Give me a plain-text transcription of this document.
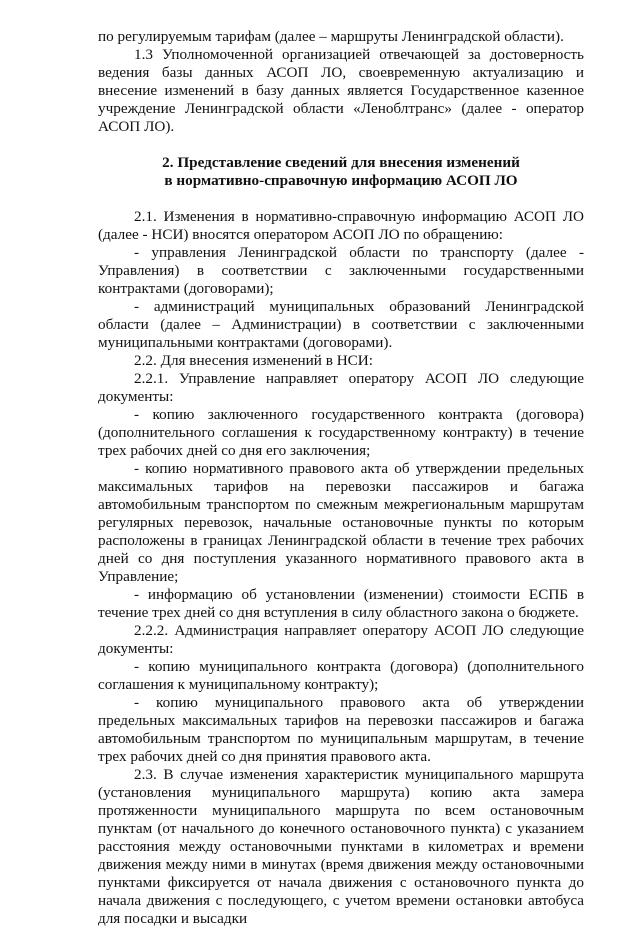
по регулируемым тарифам (далее – маршруты Ленинградской области).

1.3 Уполномоченной организацией отвечающей за достоверность ведения базы данных АСОП ЛО, своевременную актуализацию и внесение изменений в базу данных является Государственное казенное учреждение Ленинградской области «Леноблтранс» (далее - оператор АСОП ЛО).

2. Представление сведений для внесения изменений

в нормативно-справочную информацию АСОП ЛО

2.1. Изменения в нормативно-справочную информацию АСОП ЛО (далее - НСИ) вносятся оператором АСОП ЛО по обращению:

- управления Ленинградской области по транспорту (далее - Управления) в соответствии с заключенными государственными контрактами (договорами);

- администраций муниципальных образований Ленинградской области (далее – Администрации) в соответствии с заключенными муниципальными контрактами (договорами).

2.2. Для внесения изменений в НСИ:

2.2.1. Управление направляет оператору АСОП ЛО следующие документы:

- копию заключенного государственного контракта (договора) (дополнительного соглашения к государственному контракту) в течение трех рабочих дней со дня его заключения;

- копию нормативного правового акта об утверждении предельных максимальных тарифов на перевозки пассажиров и багажа автомобильным транспортом по смежным межрегиональным маршрутам регулярных перевозок, начальные остановочные пункты по которым расположены в границах Ленинградской области в течение трех рабочих дней со дня поступления указанного нормативного правового акта в Управление;

- информацию об установлении (изменении) стоимости ЕСПБ в течение трех дней со дня вступления в силу областного закона о бюджете.

2.2.2. Администрация направляет оператору АСОП ЛО следующие документы:

- копию муниципального контракта (договора) (дополнительного соглашения к муниципальному контракту);

- копию муниципального правового акта об утверждении предельных максимальных тарифов на перевозки пассажиров и багажа автомобильным транспортом по муниципальным маршрутам, в течение трех рабочих дней со дня принятия правового акта.

2.3. В случае изменения характеристик муниципального маршрута (установления муниципального маршрута) копию акта замера протяженности муниципального маршрута по всем остановочным пунктам (от начального до конечного остановочного пункта) с указанием расстояния между остановочными пунктами в километрах и времени движения между ними в минутах (время движения между остановочными пунктами фиксируется от начала движения с остановочного пункта до начала движения с последующего, с учетом времени остановки автобуса для посадки и высадки
